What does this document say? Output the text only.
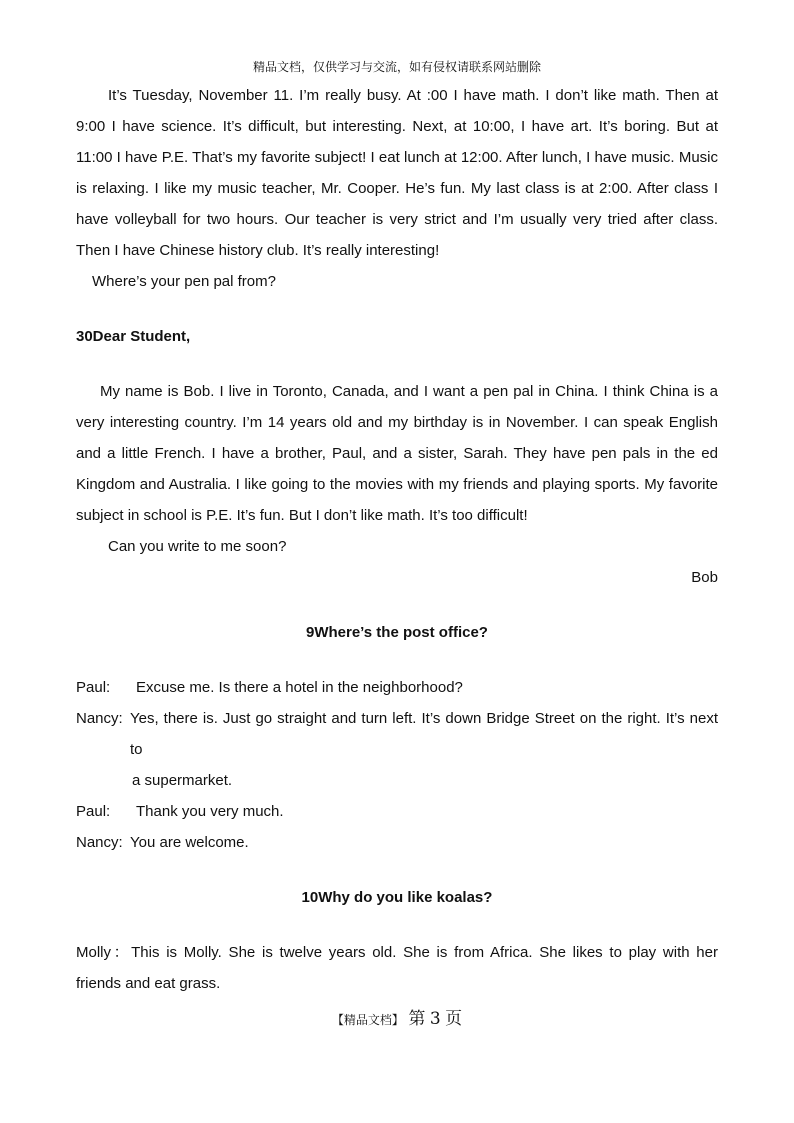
精品文档，仅供学习与交流，如有侵权请联系网站删除

It’s Tuesday, November 11. I’m really busy. At :00 I have math. I don’t like math. Then at 9:00 I have science. It’s difficult, but interesting. Next, at 10:00, I have art. It’s boring. But at 11:00 I have P.E. That’s my favorite subject! I eat lunch at 12:00. After lunch, I have music. Music is relaxing. I like my music teacher, Mr. Cooper. He’s fun. My last class is at 2:00. After class I have volleyball for two hours. Our teacher is very strict and I’m usually very tried after class. Then I have Chinese history club. It’s really interesting!

Where’s your pen pal from?

30Dear Student,

My name is Bob. I live in Toronto, Canada, and I want a pen pal in China. I think China is a very interesting country. I’m 14 years old and my birthday is in November. I can speak English and a little French. I have a brother, Paul, and a sister, Sarah. They have pen pals in the ed Kingdom and Australia. I like going to the movies with my friends and playing sports. My favorite subject in school is P.E. It’s fun. But I don’t like math. It’s too difficult!

Can you write to me soon?

Bob

9Where’s the post office?

Paul:	Excuse me. Is there a hotel in the neighborhood?
Nancy: Yes, there is. Just go straight and turn left. It’s down Bridge Street on the right. It’s next to

a supermarket.

Paul:	Thank you very much.
Nancy: You are welcome.

10Why do you like koalas?

Molly：This is Molly. She is twelve years old. She is from Africa. She likes to play with her friends and eat grass.

【精品文档】 第 3 页
